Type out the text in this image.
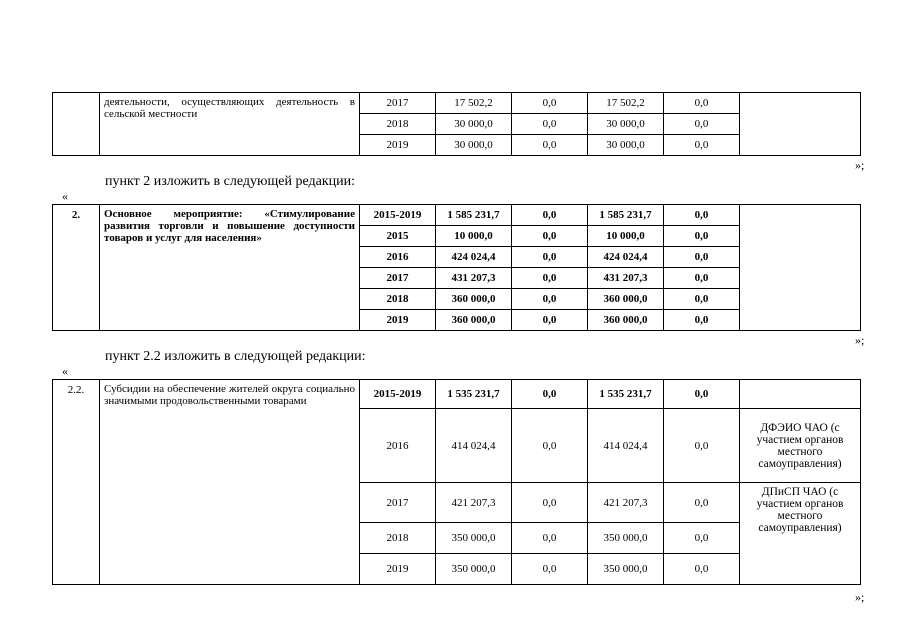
	деятельности, осуществляющих деятельность в сельской местности	2017	17 502,2	0,0	17 502,2	0,0	
		2018	30 000,0	0,0	30 000,0	0,0	
		2019	30 000,0	0,0	30 000,0	0,0	
»;
пункт 2 изложить в следующей редакции:
«
2.	Основное мероприятие: «Стимулирование развития торговли и повышение доступности товаров и услуг для населения»	2015-2019	1 585 231,7	0,0	1 585 231,7	0,0	
		2015	10 000,0	0,0	10 000,0	0,0	
		2016	424 024,4	0,0	424 024,4	0,0	
		2017	431 207,3	0,0	431 207,3	0,0	
		2018	360 000,0	0,0	360 000,0	0,0	
		2019	360 000,0	0,0	360 000,0	0,0	
»;
пункт 2.2 изложить в следующей редакции:
«
2.2.	Субсидии на обеспечение жителей округа социально значимыми продовольственными товарами	2015-2019	1 535 231,7	0,0	1 535 231,7	0,0	
		2016	414 024,4	0,0	414 024,4	0,0	ДФЭИО ЧАО (с участием органов местного самоуправления)
		2017	421 207,3	0,0	421 207,3	0,0	ДПиСП ЧАО (с участием органов местного самоуправления)
		2018	350 000,0	0,0	350 000,0	0,0	
		2019	350 000,0	0,0	350 000,0	0,0	
»;
